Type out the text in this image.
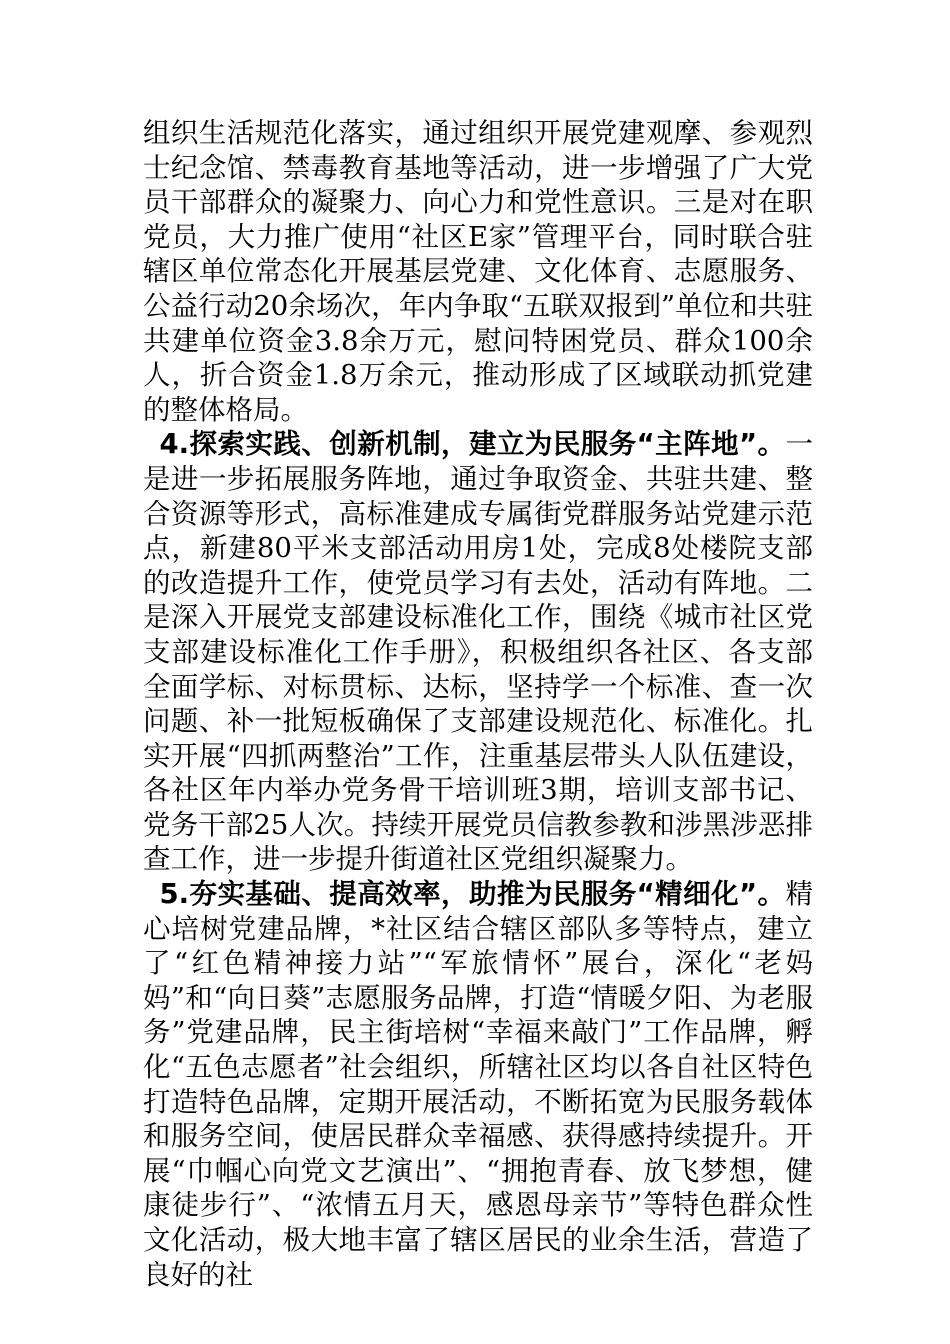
组织生活规范化落实，通过组织开展党建观摩、参观烈士纪念馆、禁毒教育基地等活动，进一步增强了广大党员干部群众的凝聚力、向心力和党性意识。三是对在职党员，大力推广使用“社区E家”管理平台，同时联合驻辖区单位常态化开展基层党建、文化体育、志愿服务、公益行动20余场次，年内争取“五联双报到”单位和共驻共建单位资金3.8余万元，慰问特困党员、群众100余人，折合资金1.8万余元，推动形成了区域联动抓党建的整体格局。

4.探索实践、创新机制，建立为民服务“主阵地”。一是进一步拓展服务阵地，通过争取资金、共驻共建、整合资源等形式，高标准建成专属街党群服务站党建示范点，新建80平米支部活动用房1处，完成8处楼院支部的改造提升工作，使党员学习有去处，活动有阵地。二是深入开展党支部建设标准化工作，围绕《城市社区党支部建设标准化工作手册》，积极组织各社区、各支部全面学标、对标贯标、达标，坚持学一个标准、查一次问题、补一批短板确保了支部建设规范化、标准化。扎实开展“四抓两整治”工作，注重基层带头人队伍建设，各社区年内举办党务骨干培训班3期，培训支部书记、党务干部25人次。持续开展党员信教参教和涉黑涉恶排查工作，进一步提升街道社区党组织凝聚力。

5.夯实基础、提高效率，助推为民服务“精细化”。精心培树党建品牌，*社区结合辖区部队多等特点，建立了“红色精神接力站”“军旅情怀”展台，深化“老妈妈”和“向日葵”志愿服务品牌，打造“情暖夕阳、为老服务”党建品牌，民主街培树“幸福来敲门”工作品牌，孵化“五色志愿者”社会组织，所辖社区均以各自社区特色打造特色品牌，定期开展活动，不断拓宽为民服务载体和服务空间，使居民群众幸福感、获得感持续提升。开展“巾帼心向党文艺演出”、“拥抱青春、放飞梦想，健康徒步行”、“浓情五月天，感恩母亲节”等特色群众性文化活动，极大地丰富了辖区居民的业余生活，营造了良好的社
